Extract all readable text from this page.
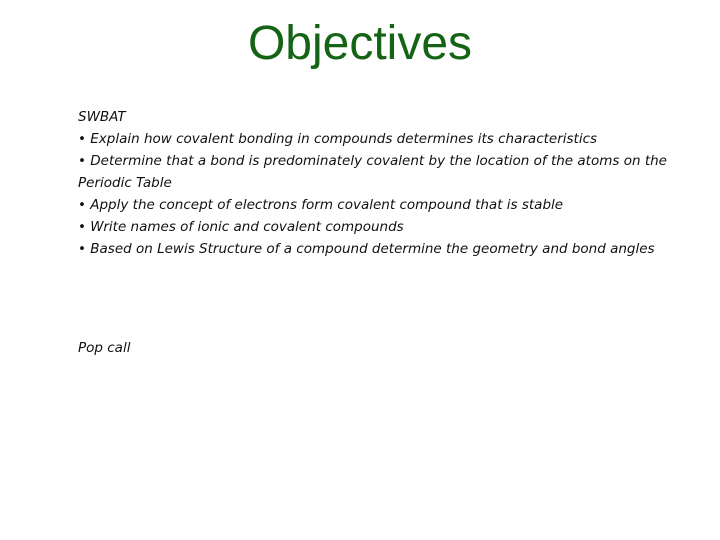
Objectives
SWBAT
• Explain how covalent bonding in compounds determines its characteristics
• Determine that a bond is predominately covalent by the location of the atoms on the Periodic Table
• Apply the concept of electrons form covalent compound that is stable
• Write names of ionic and covalent compounds
• Based on Lewis Structure of a compound determine the geometry and bond angles
Pop call
